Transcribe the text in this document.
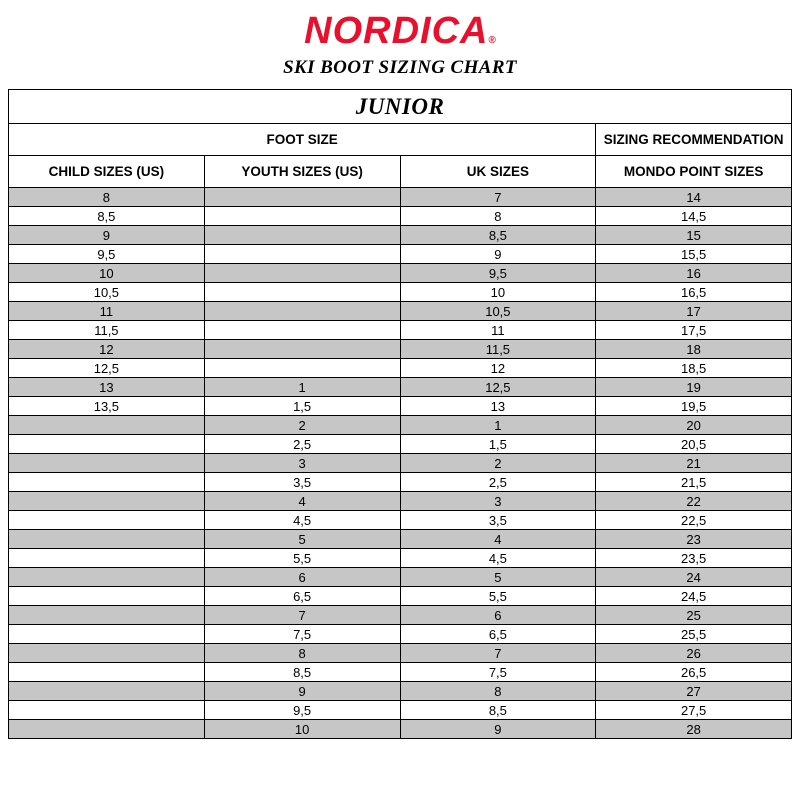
NORDICA®
SKI BOOT SIZING CHART
JUNIOR			
FOOT SIZE			SIZING RECOMMENDATION
CHILD SIZES (US)	YOUTH SIZES (US)	UK SIZES	MONDO POINT SIZES
8		7	14
8,5		8	14,5
9		8,5	15
9,5		9	15,5
10		9,5	16
10,5		10	16,5
11		10,5	17
11,5		11	17,5
12		11,5	18
12,5		12	18,5
13	1	12,5	19
13,5	1,5	13	19,5
	2	1	20
	2,5	1,5	20,5
	3	2	21
	3,5	2,5	21,5
	4	3	22
	4,5	3,5	22,5
	5	4	23
	5,5	4,5	23,5
	6	5	24
	6,5	5,5	24,5
	7	6	25
	7,5	6,5	25,5
	8	7	26
	8,5	7,5	26,5
	9	8	27
	9,5	8,5	27,5
	10	9	28
